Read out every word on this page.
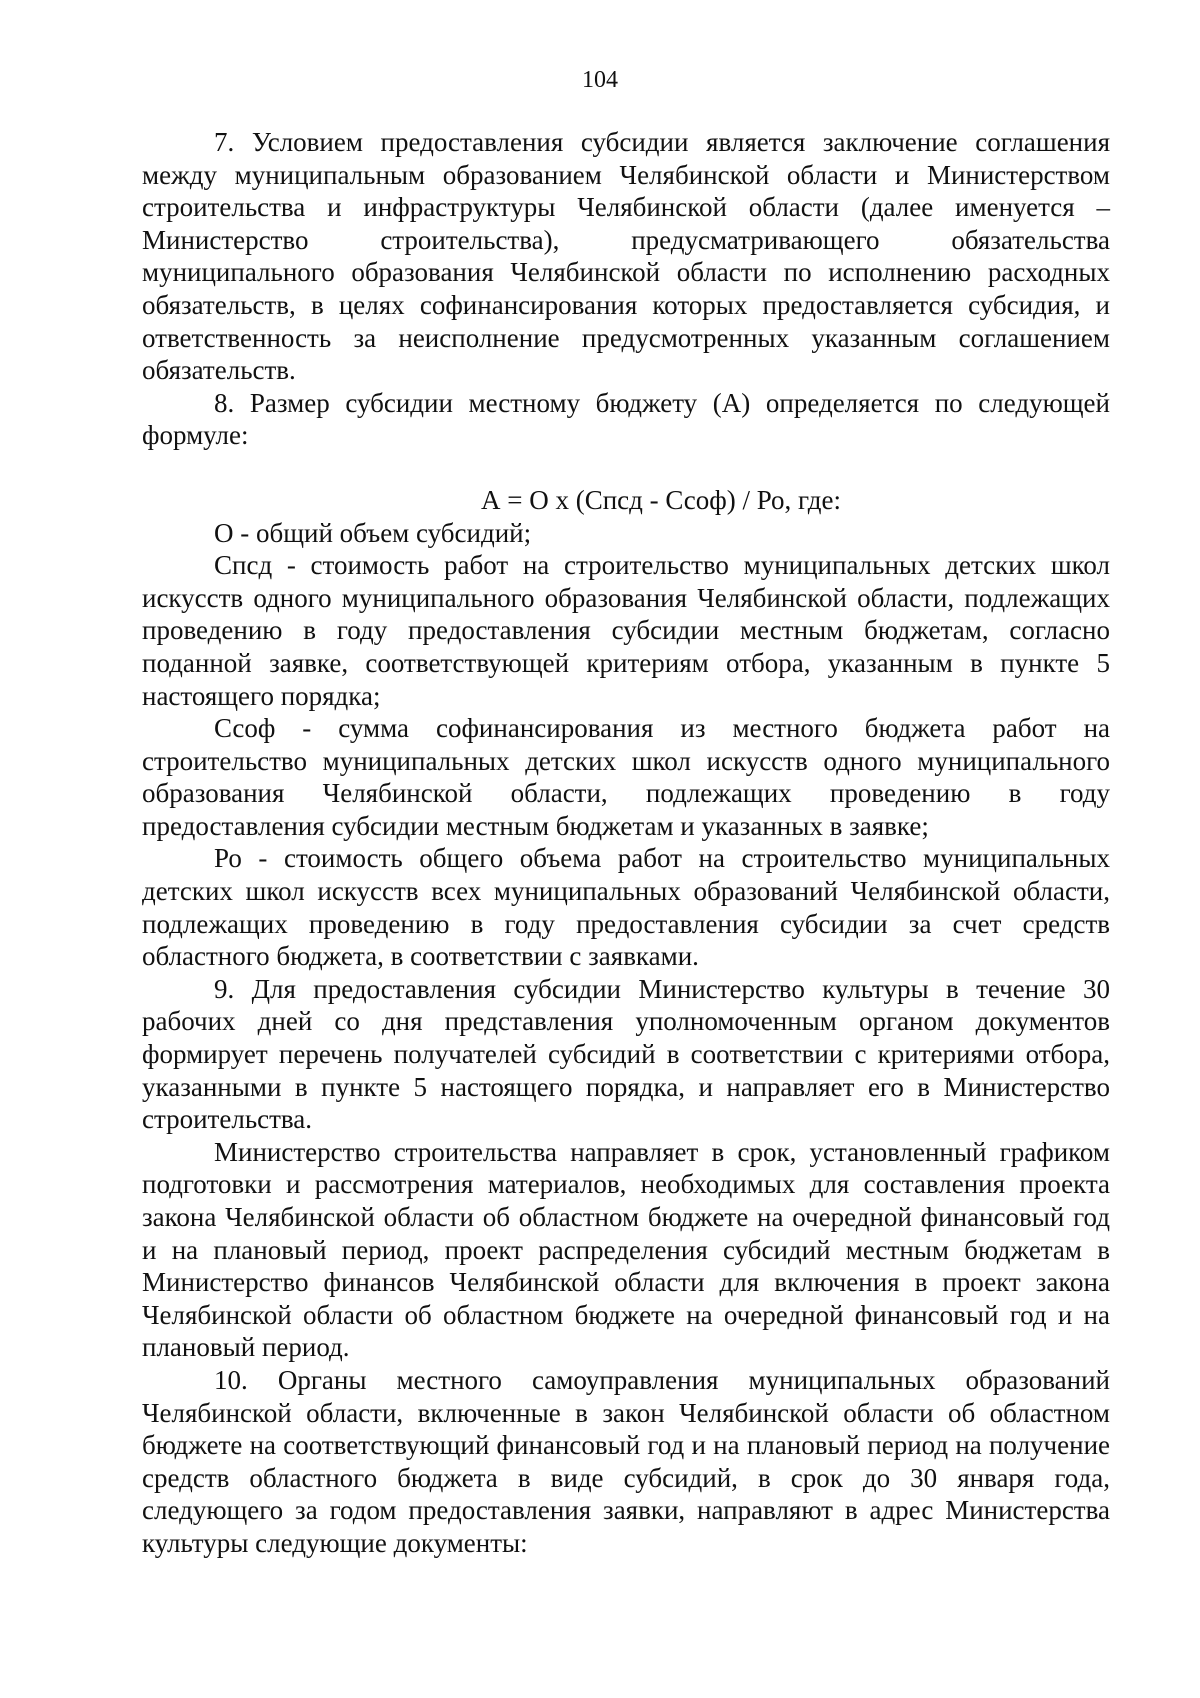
104

7. Условием предоставления субсидии является заключение соглашения между муниципальным образованием Челябинской области и Министерством строительства и инфраструктуры Челябинской области (далее именуется – Министерство строительства), предусматривающего обязательства муниципального образования Челябинской области по исполнению расходных обязательств, в целях софинансирования которых предоставляется субсидия, и ответственность за неисполнение предусмотренных указанным соглашением обязательств.

8. Размер субсидии местному бюджету (А) определяется по следующей формуле:

А = О х (Спсд - Ссоф) / Ро, где:

О - общий объем субсидий;

Спсд - стоимость работ на строительство муниципальных детских школ искусств одного муниципального образования Челябинской области, подлежащих проведению в году предоставления субсидии местным бюджетам, согласно поданной заявке, соответствующей критериям отбора, указанным в пункте 5 настоящего порядка;

Ссоф - сумма софинансирования из местного бюджета работ на строительство муниципальных детских школ искусств одного муниципального образования Челябинской области, подлежащих проведению в году предоставления субсидии местным бюджетам и указанных в заявке;

Ро - стоимость общего объема работ на строительство муниципальных детских школ искусств всех муниципальных образований Челябинской области, подлежащих проведению в году предоставления субсидии за счет средств областного бюджета, в соответствии с заявками.

9. Для предоставления субсидии Министерство культуры в течение 30 рабочих дней со дня представления уполномоченным органом документов формирует перечень получателей субсидий в соответствии с критериями отбора, указанными в пункте 5 настоящего порядка, и направляет его в Министерство строительства.

Министерство строительства направляет в срок, установленный графиком подготовки и рассмотрения материалов, необходимых для составления проекта закона Челябинской области об областном бюджете на очередной финансовый год и на плановый период, проект распределения субсидий местным бюджетам в Министерство финансов Челябинской области для включения в проект закона Челябинской области об областном бюджете на очередной финансовый год и на плановый период.

10. Органы местного самоуправления муниципальных образований Челябинской области, включенные в закон Челябинской области об областном бюджете на соответствующий финансовый год и на плановый период на получение средств областного бюджета в виде субсидий, в срок до 30 января года, следующего за годом предоставления заявки, направляют в адрес Министерства культуры следующие документы:
